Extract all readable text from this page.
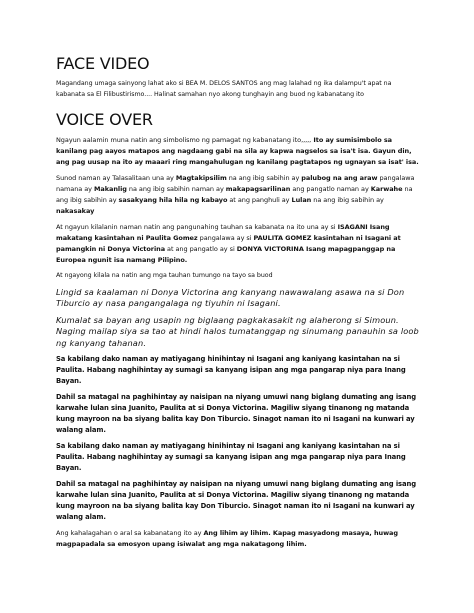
FACE VIDEO

Magandang umaga sainyong lahat ako si BEA M. DELOS SANTOS ang mag lalahad ng ika dalampu't apat na kabanata sa El Filibustirismo.... Halinat samahan nyo akong tunghayin ang buod ng kabanatang ito

VOICE OVER

Ngayun aalamin muna natin ang simbolismo ng pamagat ng kabanatang ito,,,,, Ito ay sumisimbolo sa kanilang pag aayos matapos ang nagdaang gabi na sila ay kapwa nagselos sa isa't isa. Gayun din, ang pag uusap na ito ay maaari ring mangahulugan ng kanilang pagtatapos ng ugnayan sa isat' isa.

Sunod naman ay Talasalitaan una ay Magtakipsilim na ang ibig sabihin ay palubog na ang araw pangalawa namana ay Makanlig na ang ibig sabihin naman ay makapagsarilinan ang pangatlo naman ay Karwahe na ang ibig sabihin ay sasakyang hila hila ng kabayo at ang panghuli ay Lulan na ang ibig sabihin ay nakasakay

At ngayun kilalanin naman natin ang pangunahing tauhan sa kabanata na ito una ay si ISAGANI Isang makatang kasintahan ni Paulita Gomez pangalawa ay si PAULITA GOMEZ kasintahan ni Isagani at pamangkin ni Donya Victorina at ang pangatlo ay si DONYA VICTORINA Isang mapagpanggap na Europea ngunit isa namang Pilipino.

At ngayong kilala na natin ang mga tauhan tumungo na tayo sa buod

Lingid sa kaalaman ni Donya Victorina ang kanyang nawawalang asawa na si Don Tiburcio ay nasa pangangalaga ng tiyuhin ni Isagani.

Kumalat sa bayan ang usapin ng biglaang pagkakasakit ng alaherong si Simoun. Naging mailap siya sa tao at hindi halos tumatanggap ng sinumang panauhin sa loob ng kanyang tahanan.

Sa kabilang dako naman ay matiyagang hinihintay ni Isagani ang kaniyang kasintahan na si Paulita. Habang naghihintay ay sumagi sa kanyang isipan ang mga pangarap niya para Inang Bayan.

Dahil sa matagal na paghihintay ay naisipan na niyang umuwi nang biglang dumating ang isang karwahe lulan sina Juanito, Paulita at si Donya Victorina. Magiliw siyang tinanong ng matanda kung mayroon na ba siyang balita kay Don Tiburcio. Sinagot naman ito ni Isagani na kunwari ay walang alam.

Sa kabilang dako naman ay matiyagang hinihintay ni Isagani ang kaniyang kasintahan na si Paulita. Habang naghihintay ay sumagi sa kanyang isipan ang mga pangarap niya para Inang Bayan.

Dahil sa matagal na paghihintay ay naisipan na niyang umuwi nang biglang dumating ang isang karwahe lulan sina Juanito, Paulita at si Donya Victorina. Magiliw siyang tinanong ng matanda kung mayroon na ba siyang balita kay Don Tiburcio. Sinagot naman ito ni Isagani na kunwari ay walang alam.

Ang kahalagahan o aral sa kabanatang ito ay Ang lihim ay lihim. Kapag masyadong masaya, huwag magpapadala sa emosyon upang isiwalat ang mga nakatagong lihim.
